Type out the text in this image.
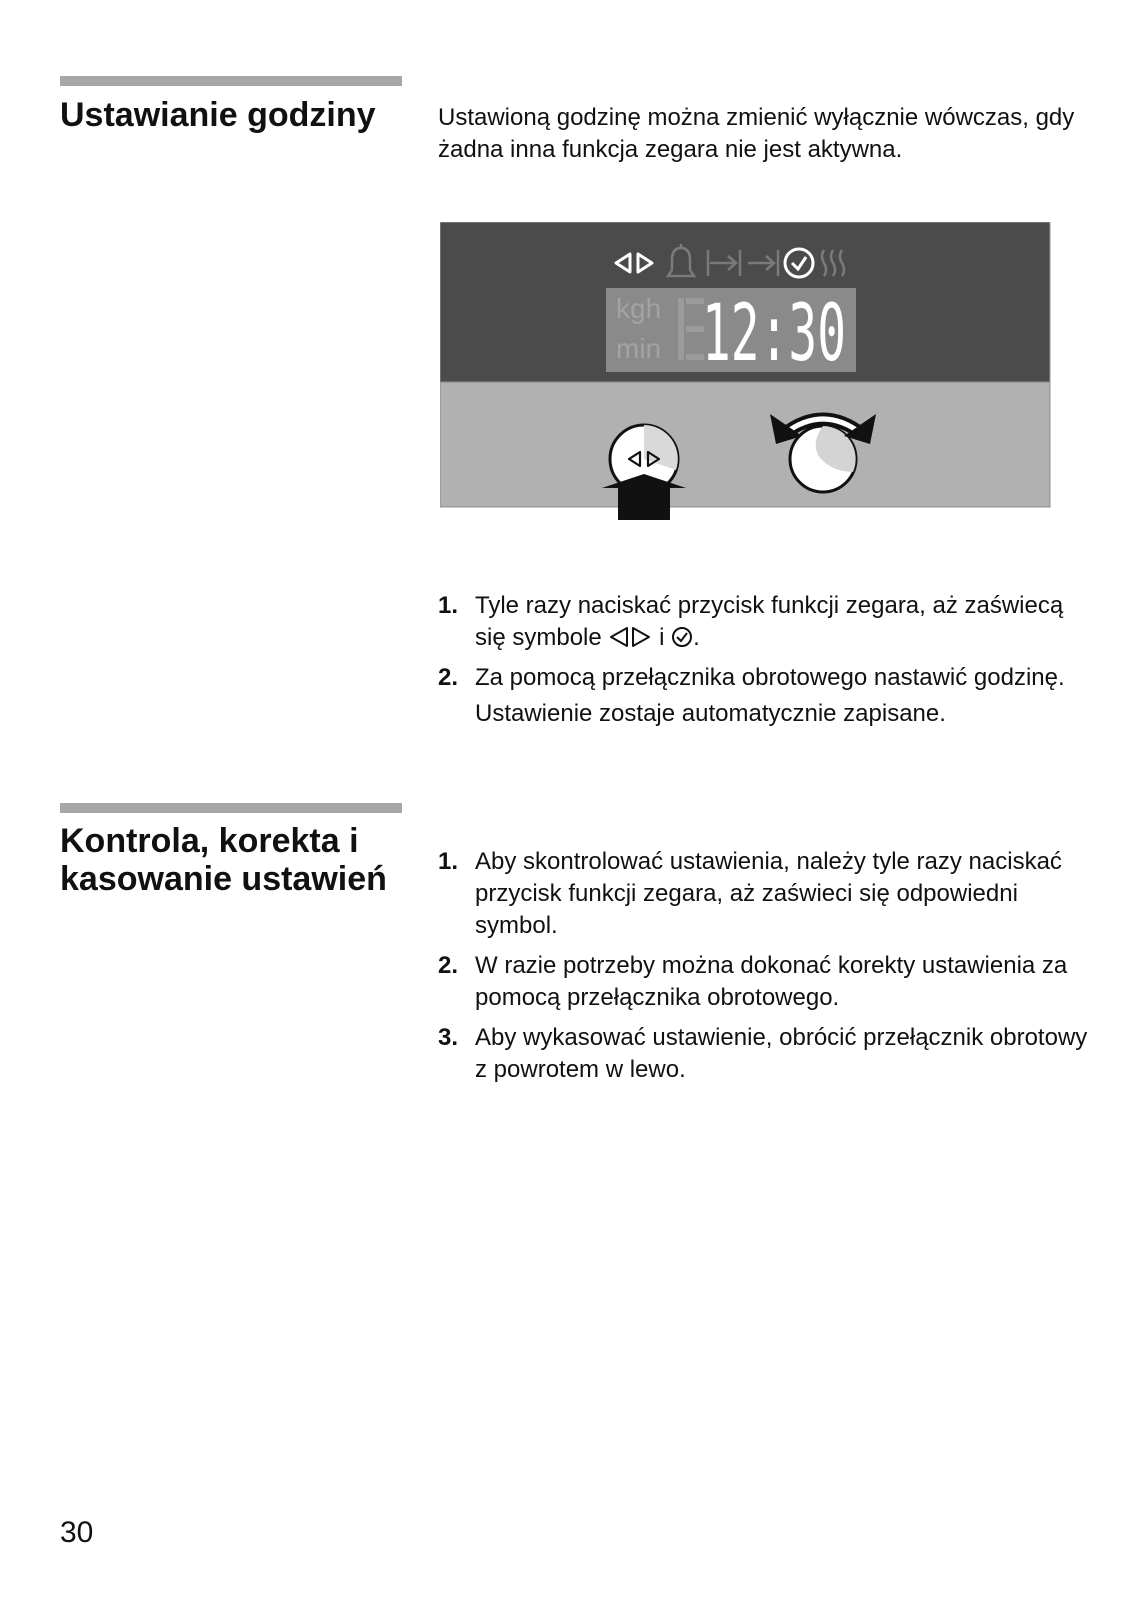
Ustawianie godziny	Ustawioną godzinę można zmienić wyłącznie wówczas, gdy żadna inna funkcja zegara nie jest aktywna.

kgh
min 12:30
1. Tyle razy naciskać przycisk funkcji zegara, aż zaświecą się symbole i .
2. Za pomocą przełącznika obrotowego nastawić godzinę.
Ustawienie zostaje automatycznie zapisane.
Kontrola, korekta i kasowanie ustawień	1. Aby skontrolować ustawienia, należy tyle razy naciskać przycisk funkcji zegara, aż zaświeci się odpowiedni symbol.
2. W razie potrzeby można dokonać korekty ustawienia za pomocą przełącznika obrotowego.
3. Aby wykasować ustawienie, obrócić przełącznik obrotowy z powrotem w lewo.
30
